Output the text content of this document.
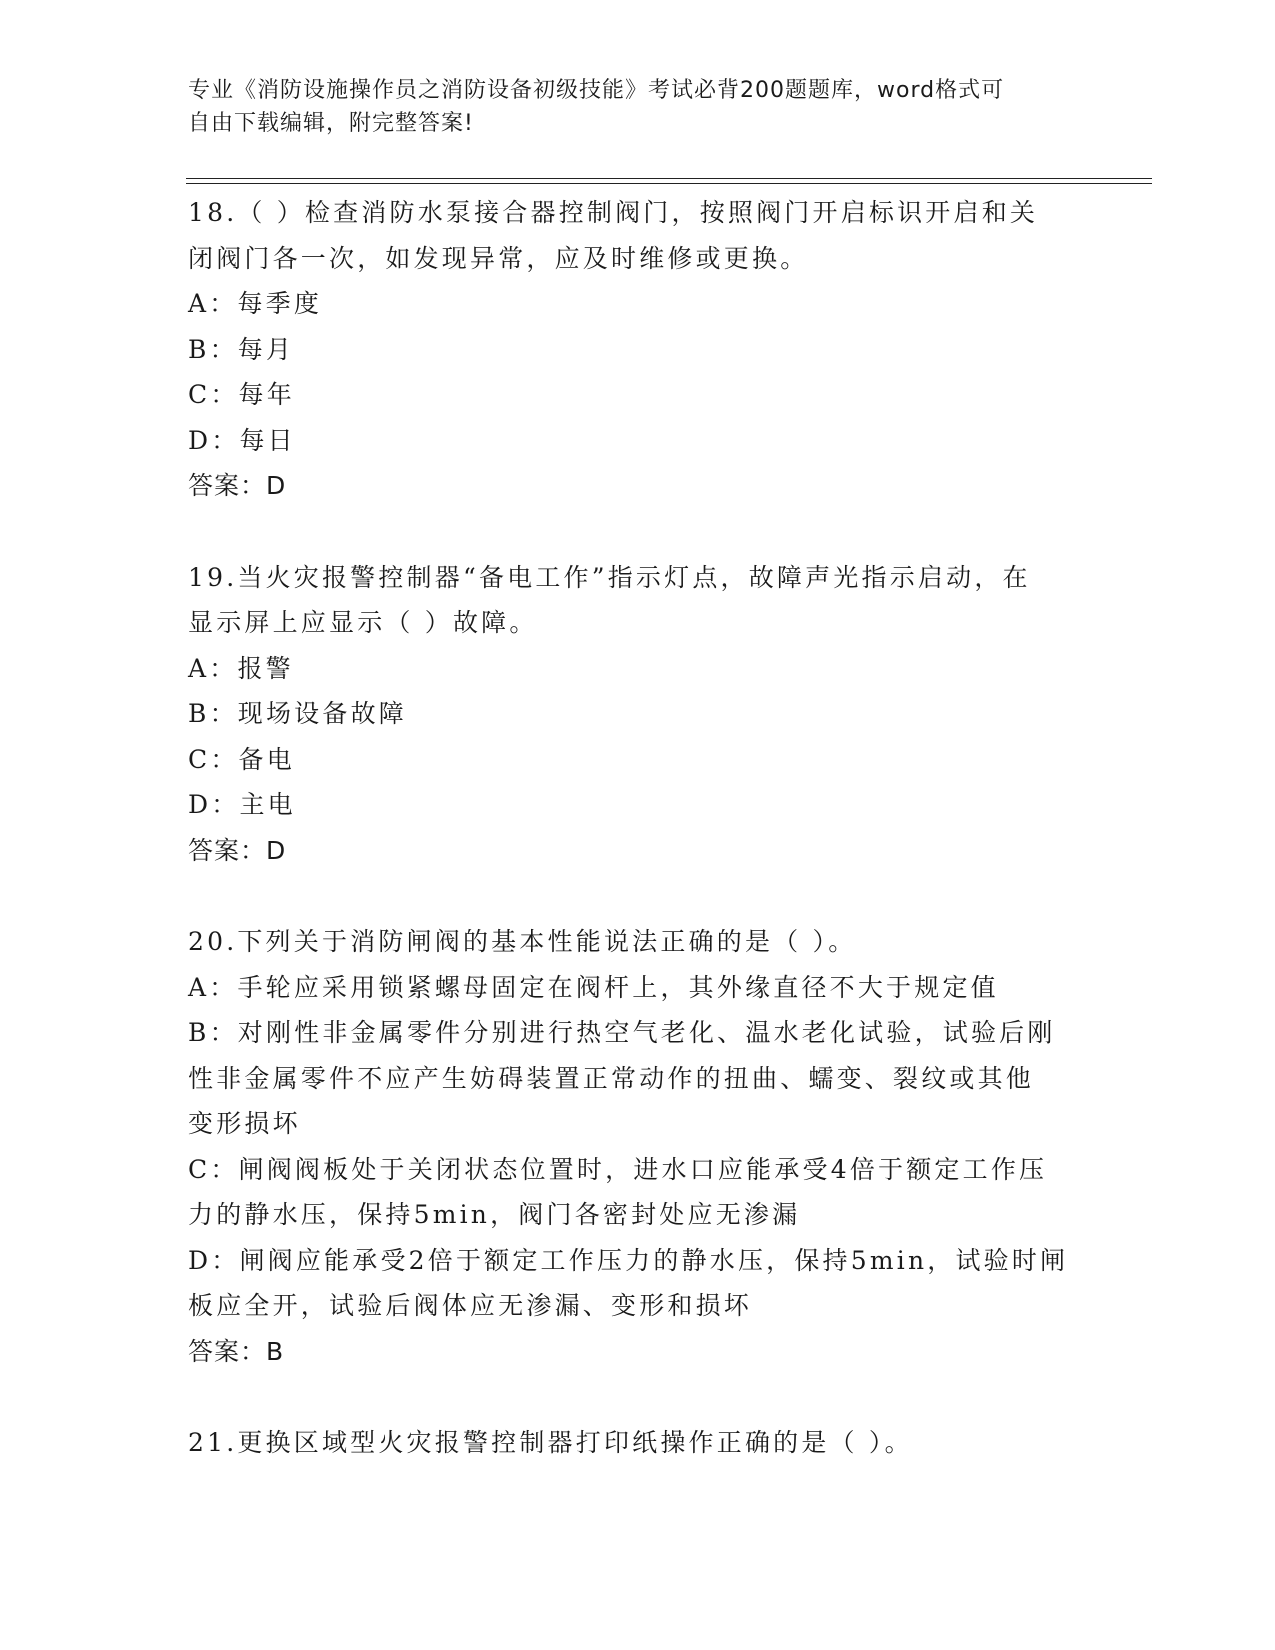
专业《消防设施操作员之消防设备初级技能》考试必背200题题库，word格式可
自由下载编辑，附完整答案!
18.（ ）检查消防水泵接合器控制阀门，按照阀门开启标识开启和关
闭阀门各一次，如发现异常，应及时维修或更换。
A：每季度
B：每月
C：每年
D：每日
答案：D
19.当火灾报警控制器“备电工作”指示灯点，故障声光指示启动，在
显示屏上应显示（ ）故障。
A：报警
B：现场设备故障
C：备电
D：主电
答案：D
20.下列关于消防闸阀的基本性能说法正确的是（ ）。
A：手轮应采用锁紧螺母固定在阀杆上，其外缘直径不大于规定值
B：对刚性非金属零件分别进行热空气老化、温水老化试验，试验后刚
性非金属零件不应产生妨碍装置正常动作的扭曲、蠕变、裂纹或其他
变形损坏
C：闸阀阀板处于关闭状态位置时，进水口应能承受4倍于额定工作压
力的静水压，保持5min，阀门各密封处应无渗漏
D：闸阀应能承受2倍于额定工作压力的静水压，保持5min，试验时闸
板应全开，试验后阀体应无渗漏、变形和损坏
答案：B
21.更换区域型火灾报警控制器打印纸操作正确的是（ ）。
